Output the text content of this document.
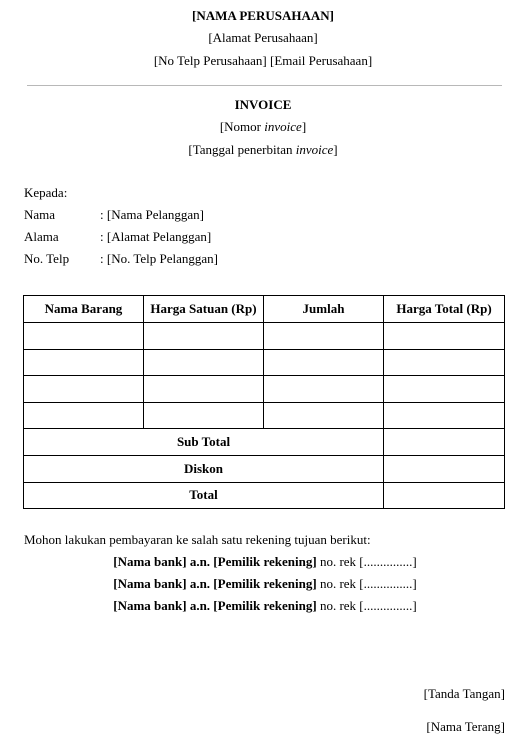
[NAMA PERUSAHAAN]
[Alamat Perusahaan]
[No Telp Perusahaan] [Email Perusahaan]
INVOICE
[Nomor invoice]
[Tanggal penerbitan invoice]
Kepada:
Nama	: [Nama Pelanggan]
Alama	: [Alamat Pelanggan]
No. Telp : [No. Telp Pelanggan]
Nama Barang	Harga Satuan (Rp)	Jumlah	Harga Total (Rp)

Sub Total			
Diskon			
Total			
Mohon lakukan pembayaran ke salah satu rekening tujuan berikut:
[Nama bank] a.n. [Pemilik rekening] no. rek [...............]
[Nama bank] a.n. [Pemilik rekening] no. rek [...............]
[Nama bank] a.n. [Pemilik rekening] no. rek [...............]
[Tanda Tangan]
[Nama Terang]
